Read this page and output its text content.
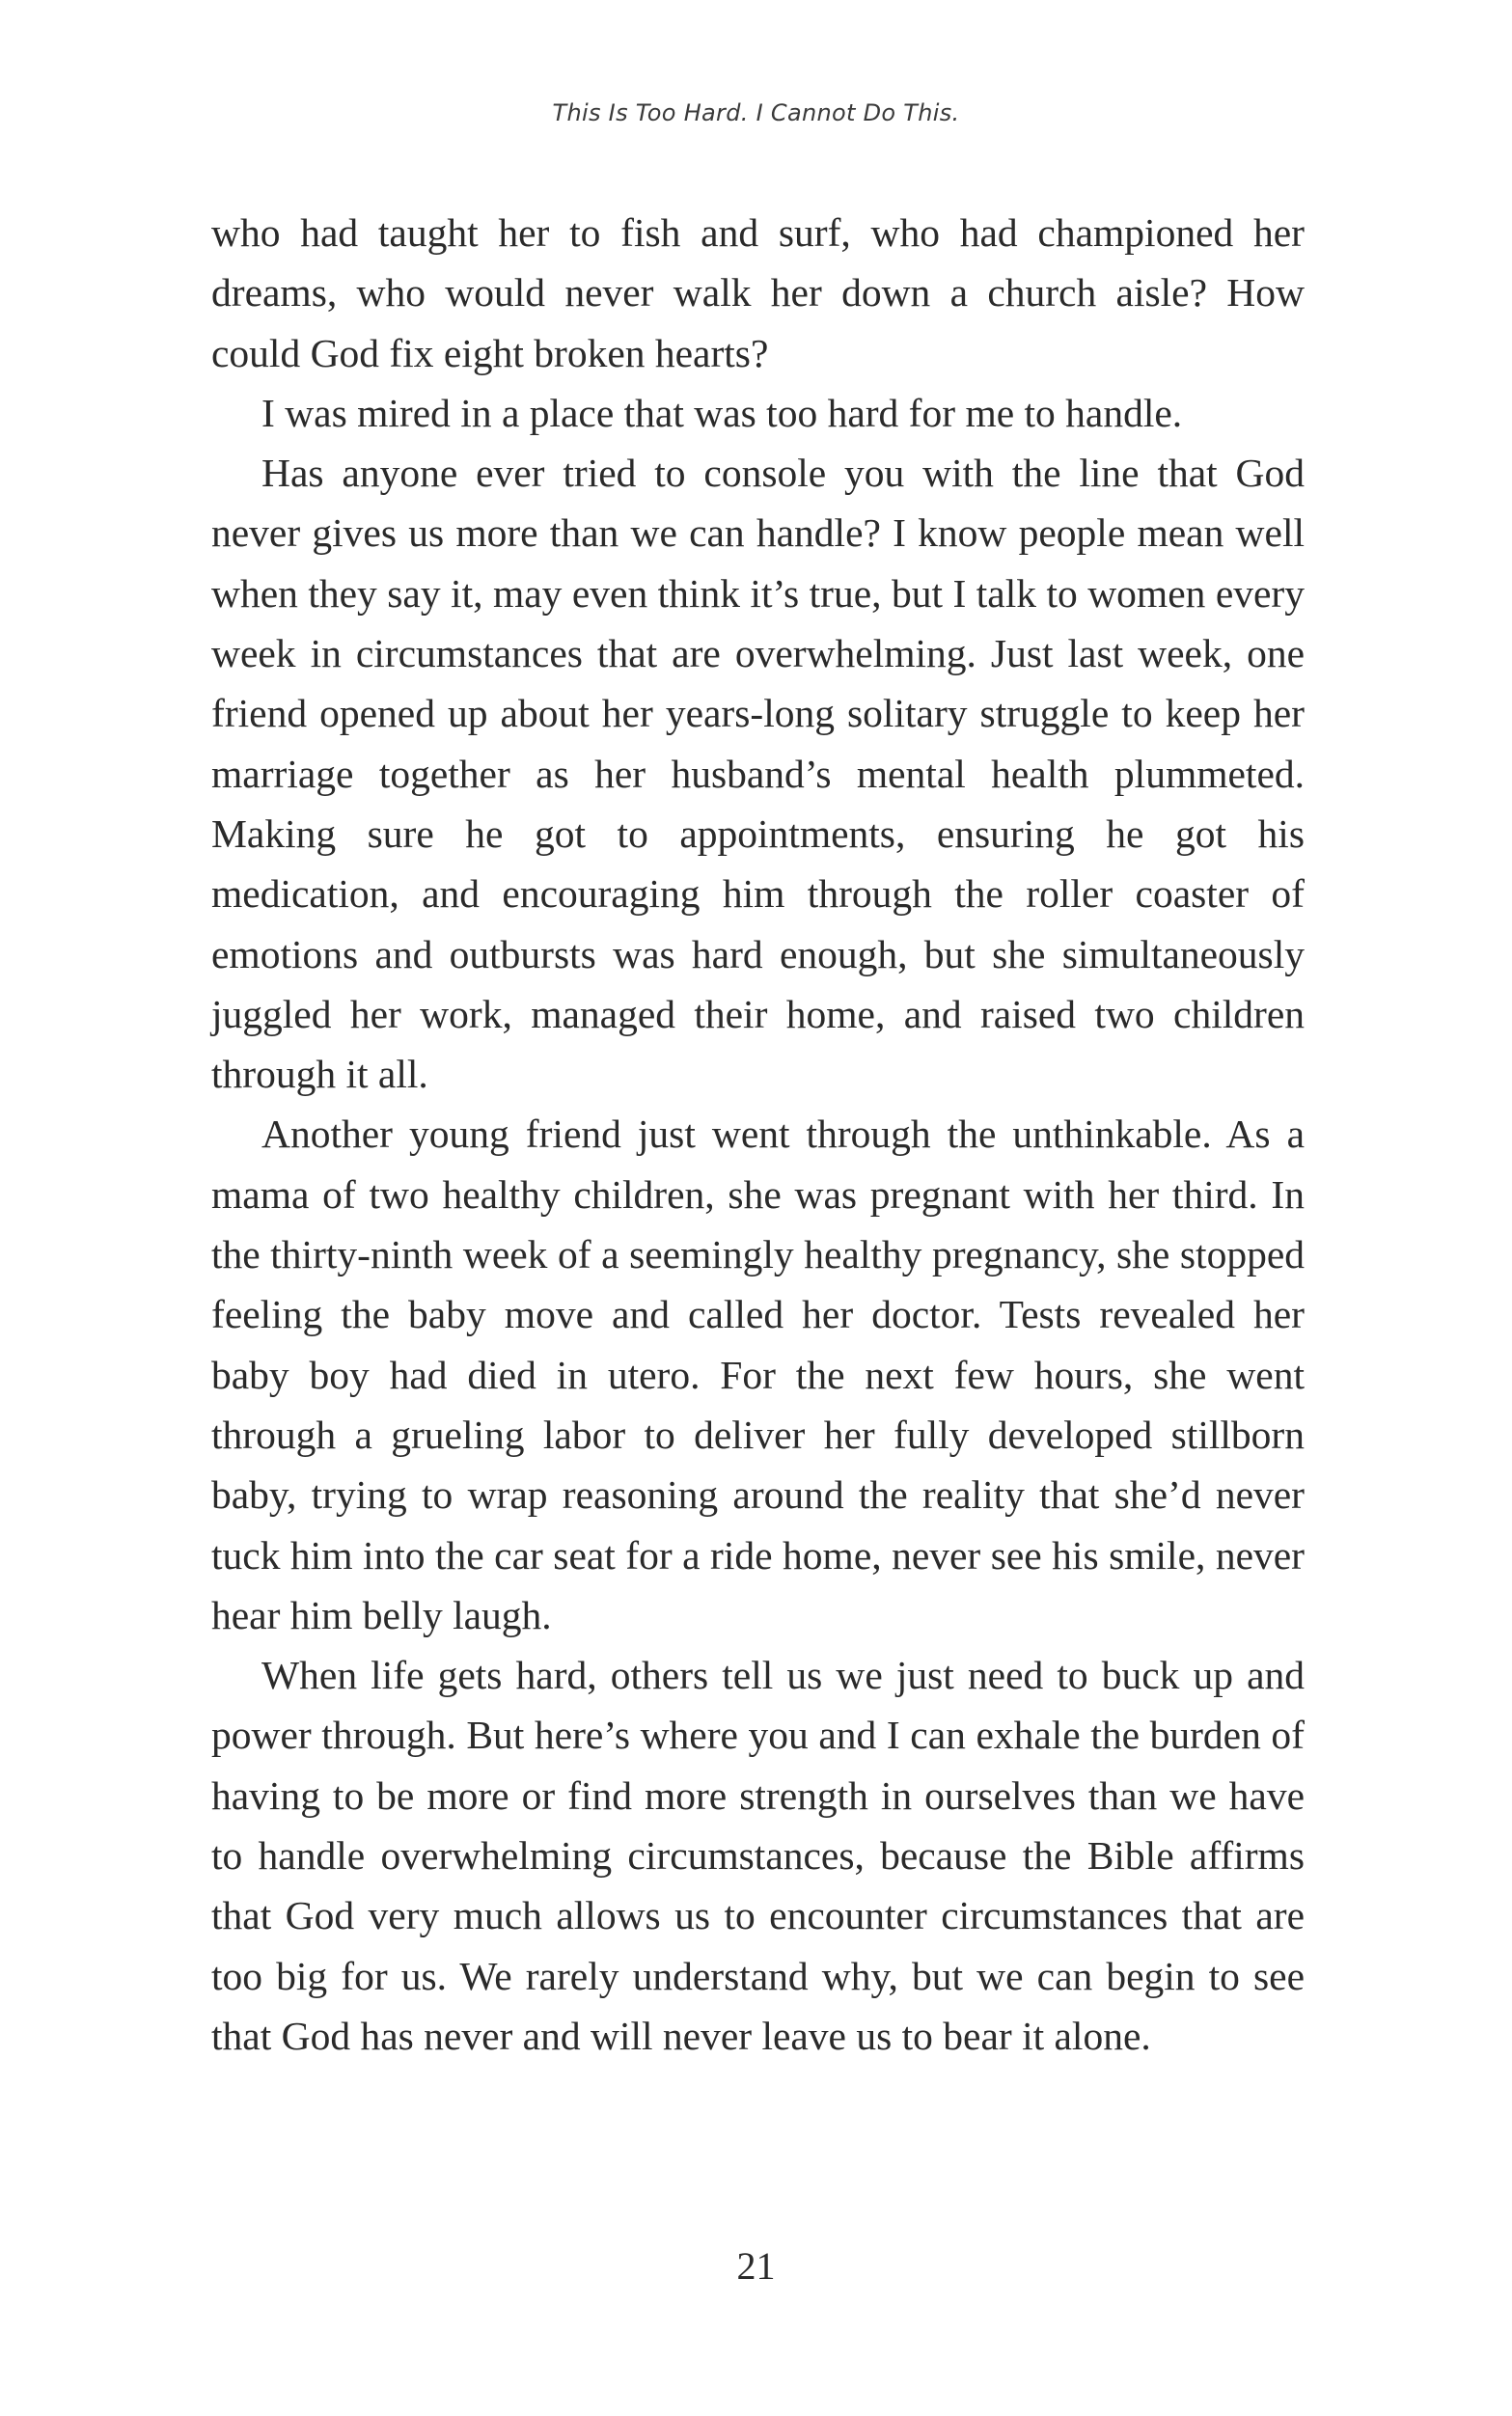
This Is Too Hard. I Cannot Do This.

who had taught her to fish and surf, who had championed her dreams, who would never walk her down a church aisle? How could God fix eight broken hearts?

I was mired in a place that was too hard for me to handle.

Has anyone ever tried to console you with the line that God never gives us more than we can handle? I know people mean well when they say it, may even think it’s true, but I talk to women every week in circumstances that are overwhelming. Just last week, one friend opened up about her years-long solitary struggle to keep her marriage together as her husband’s mental health plummeted. Making sure he got to appointments, ensuring he got his medication, and encouraging him through the roller coaster of emotions and outbursts was hard enough, but she simultaneously juggled her work, managed their home, and raised two children through it all.

Another young friend just went through the unthinkable. As a mama of two healthy children, she was pregnant with her third. In the thirty-ninth week of a seemingly healthy pregnancy, she stopped feeling the baby move and called her doctor. Tests revealed her baby boy had died in utero. For the next few hours, she went through a grueling labor to deliver her fully developed stillborn baby, trying to wrap reasoning around the reality that she’d never tuck him into the car seat for a ride home, never see his smile, never hear him belly laugh.

When life gets hard, others tell us we just need to buck up and power through. But here’s where you and I can exhale the burden of having to be more or find more strength in ourselves than we have to handle overwhelming circumstances, because the Bible affirms that God very much allows us to encounter circumstances that are too big for us. We rarely understand why, but we can begin to see that God has never and will never leave us to bear it alone.

21
